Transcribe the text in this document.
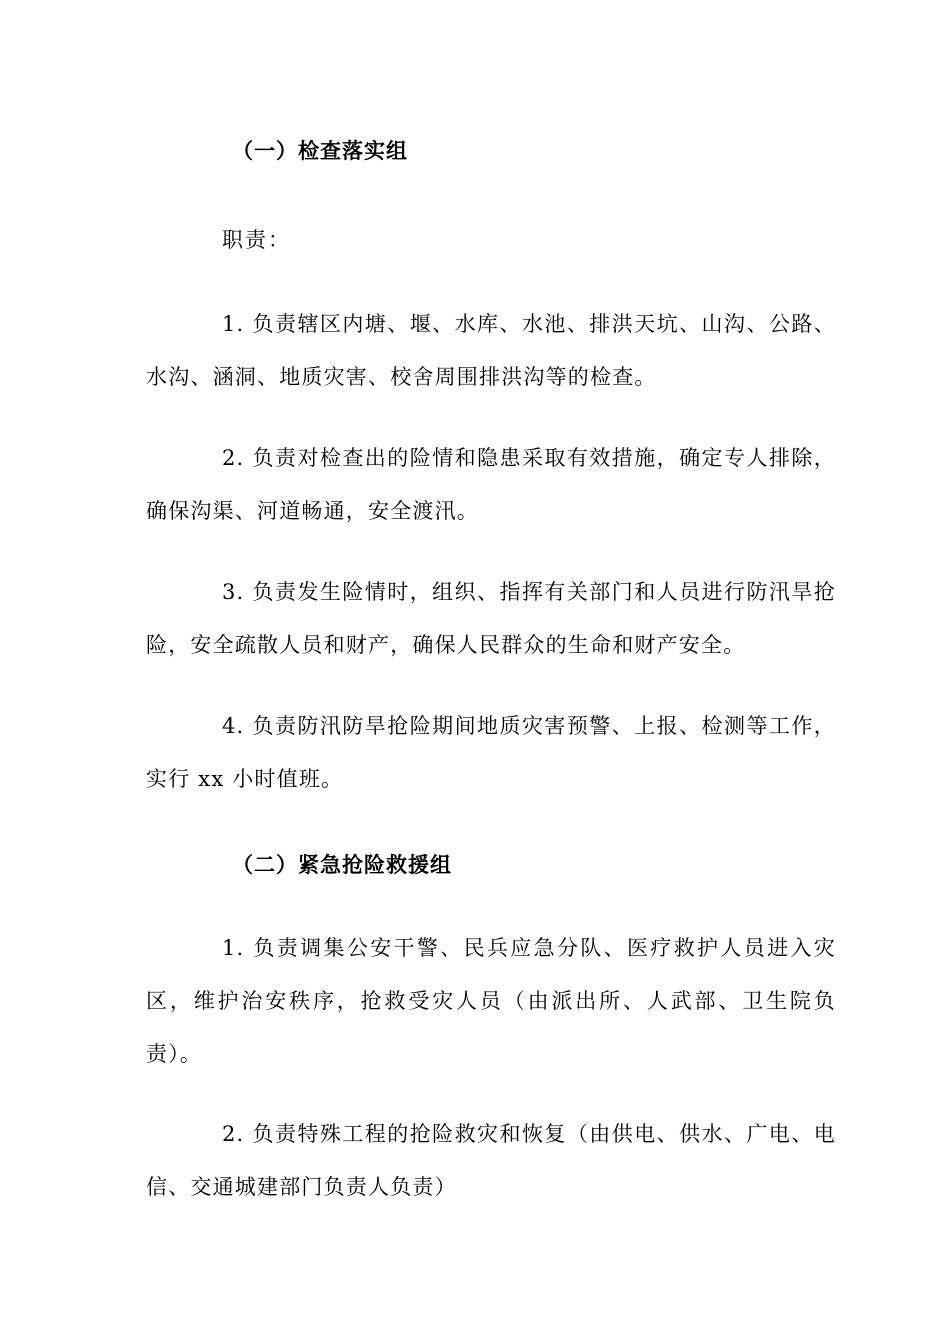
（一）检查落实组
职责：
1. 负责辖区内塘、堰、水库、水池、排洪天坑、山沟、公路、水沟、涵洞、地质灾害、校舍周围排洪沟等的检查。
2. 负责对检查出的险情和隐患采取有效措施，确定专人排除，确保沟渠、河道畅通，安全渡汛。
3. 负责发生险情时，组织、指挥有关部门和人员进行防汛旱抢险，安全疏散人员和财产，确保人民群众的生命和财产安全。
4. 负责防汛防旱抢险期间地质灾害预警、上报、检测等工作，实行 xx 小时值班。
（二）紧急抢险救援组
1. 负责调集公安干警、民兵应急分队、医疗救护人员进入灾区，维护治安秩序，抢救受灾人员（由派出所、人武部、卫生院负责）。
2. 负责特殊工程的抢险救灾和恢复（由供电、供水、广电、电信、交通城建部门负责人负责）
